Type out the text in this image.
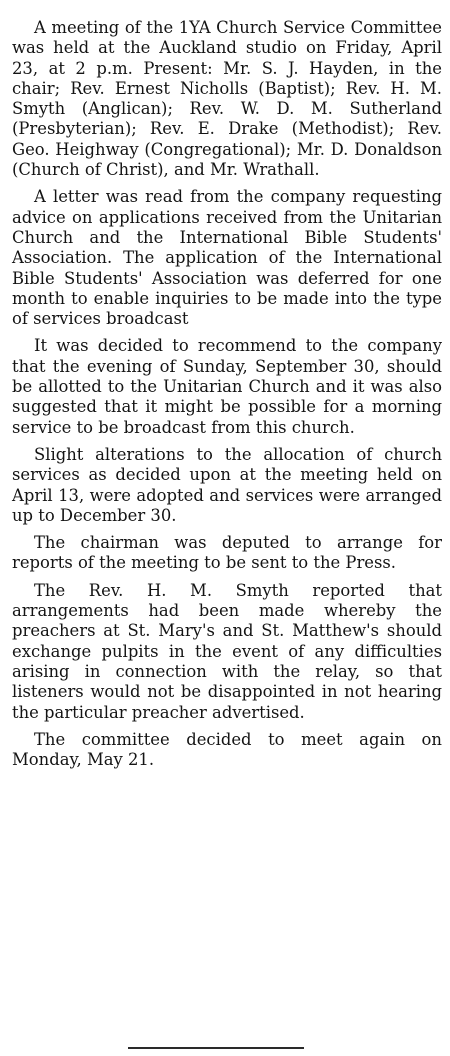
A meeting of the 1YA Church Service Committee was held at the Auckland studio on Friday, April 23, at 2 p.m. Present: Mr. S. J. Hayden, in the chair; Rev. Ernest Nicholls (Baptist); Rev. H. M. Smyth (Anglican); Rev. W. D. M. Sutherland (Presbyterian); Rev. E. Drake (Methodist); Rev. Geo. Heighway (Congregational); Mr. D. Donaldson (Church of Christ), and Mr. Wrathall.

A letter was read from the company requesting advice on applications received from the Unitarian Church and the International Bible Students' Association. The application of the International Bible Students' Association was deferred for one month to enable inquiries to be made into the type of services broadcast

It was decided to recommend to the company that the evening of Sunday, September 30, should be allotted to the Unitarian Church and it was also suggested that it might be possible for a morning service to be broadcast from this church.

Slight alterations to the allocation of church services as decided upon at the meeting held on April 13, were adopted and services were arranged up to December 30.

The chairman was deputed to arrange for reports of the meeting to be sent to the Press.

The Rev. H. M. Smyth reported that arrangements had been made whereby the preachers at St. Mary's and St. Matthew's should exchange pulpits in the event of any difficulties arising in connection with the relay, so that listeners would not be disappointed in not hearing the particular preacher advertised.

The committee decided to meet again on Monday, May 21.
